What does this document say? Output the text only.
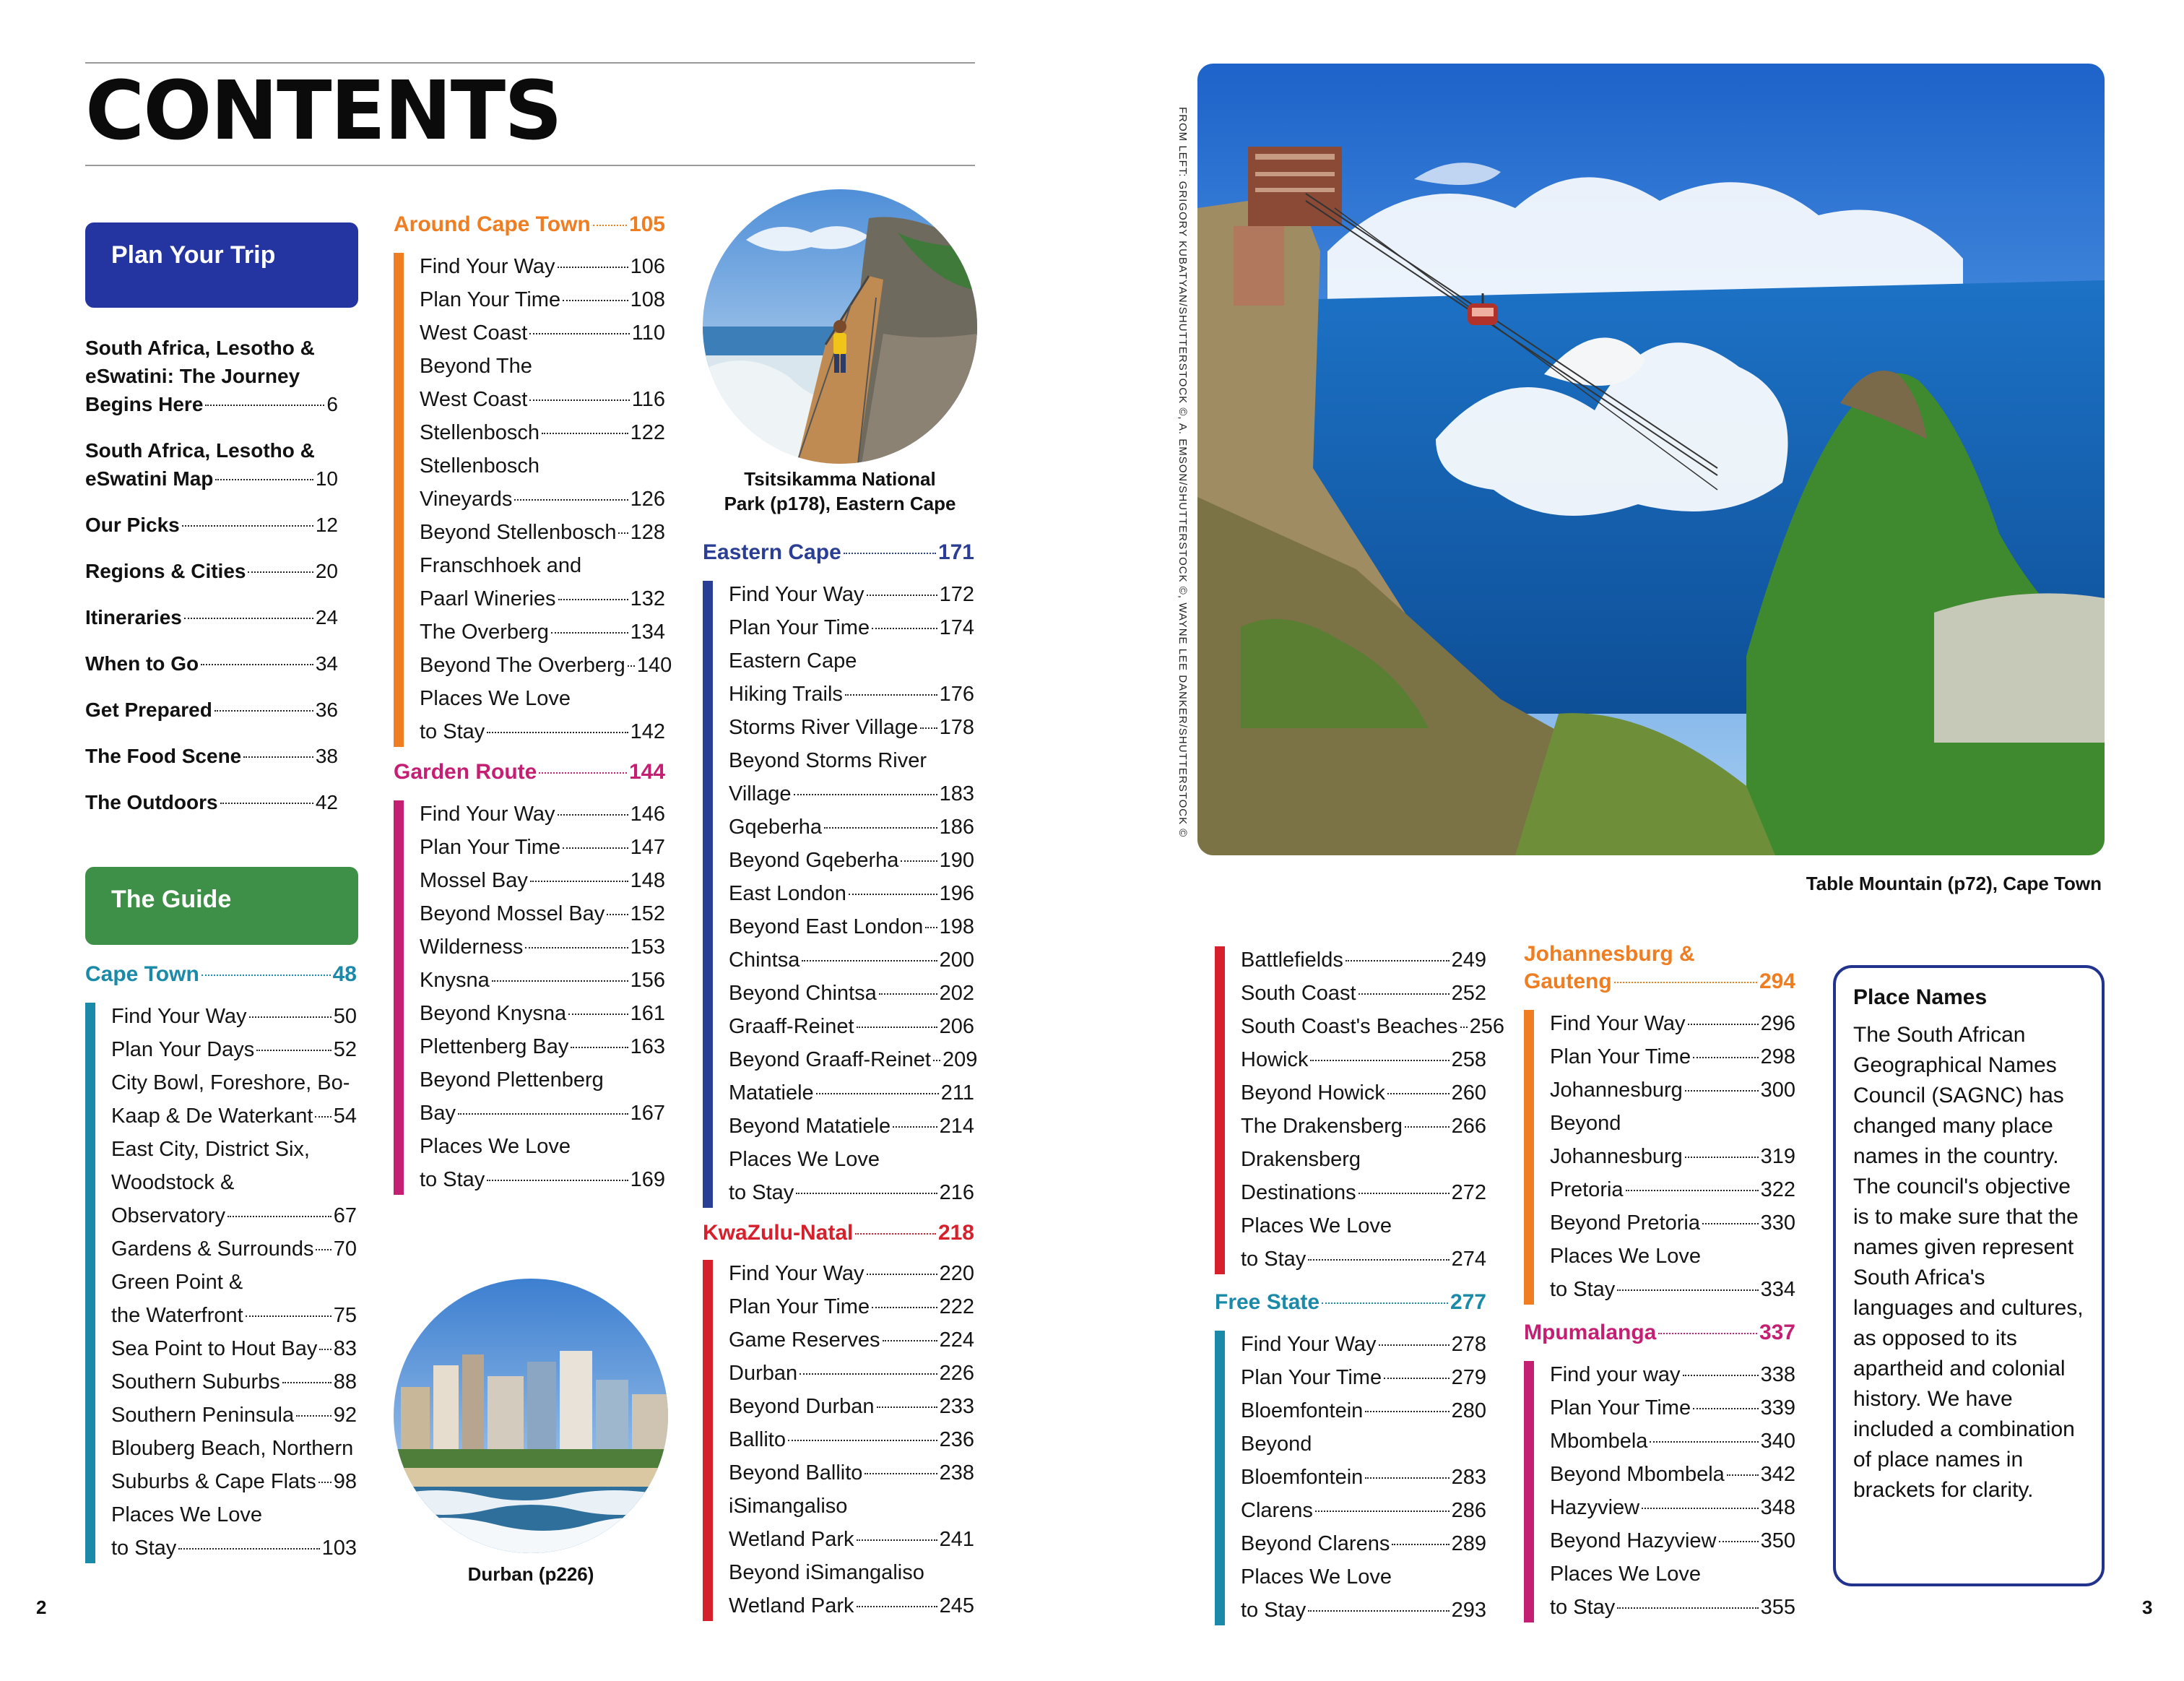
CONTENTS
Plan Your Trip
South Africa, Lesotho &
eSwatini: The Journey
Begins Here	6
South Africa, Lesotho &
eSwatini Map	10
Our Picks	12
Regions & Cities	20
Itineraries	24
When to Go	34
Get Prepared	36
The Food Scene	38
The Outdoors	42
The Guide
Cape Town	48
Find Your Way	50
Plan Your Days	52
City Bowl, Foreshore, Bo-
Kaap & De Waterkant 54
East City, District Six,
Woodstock &
Observatory	67
Gardens & Surrounds 70
Green Point &
the Waterfront	75
Sea Point to Hout Bay 83
Southern Suburbs	88
Southern Peninsula 92
Blouberg Beach, Northern
Suburbs & Cape Flats 98
Places We Love
to Stay	103
Around Cape Town 105
Find Your Way	106
Plan Your Time	108
West Coast	110
Beyond The
West Coast	116
Stellenbosch	122
Stellenbosch
Vineyards	126
Beyond Stellenbosch 128
Franschhoek and
Paarl Wineries	132
The Overberg	134
Beyond The Overberg 140
Places We Love
to Stay	142
Garden Route	144
Find Your Way	146
Plan Your Time	147
Mossel Bay	148
Beyond Mossel Bay 152
Wilderness	153
Knysna	156
Beyond Knysna	161
Plettenberg Bay	163
Beyond Plettenberg
Bay	167
Places We Love
to Stay	169
Eastern Cape	171
Find Your Way	172
Plan Your Time	174
Eastern Cape
Hiking Trails	176
Storms River Village 178
Beyond Storms River
Village	183
Gqeberha	186
Beyond Gqeberha 190
East London	196
Beyond East London 198
Chintsa	200
Beyond Chintsa	202
Graaff-Reinet	206
Beyond Graaff-Reinet 209
Matatiele	211
Beyond Matatiele 214
Places We Love
to Stay	216
KwaZulu-Natal	218
Find Your Way	220
Plan Your Time	222
Game Reserves	224
Durban	226
Beyond Durban	233
Ballito	236
Beyond Ballito	238
iSimangaliso
Wetland Park	241
Beyond iSimangaliso
Wetland Park	245
Tsitsikamma National
Park (p178), Eastern Cape
Durban (p226)
2
FROM LEFT: GRIGORY KUBATYAN/SHUTTERSTOCK ©, A. EMSON/SHUTTERSTOCK ©, WAYNE LEE DANKER/SHUTTERSTOCK ©
Table Mountain (p72), Cape Town
Battlefields	249
South Coast	252
South Coast's Beaches 256
Howick	258
Beyond Howick	260
The Drakensberg 266
Drakensberg
Destinations	272
Places We Love
to Stay	274
Free State	277
Find Your Way	278
Plan Your Time	279
Bloemfontein	280
Beyond
Bloemfontein	283
Clarens	286
Beyond Clarens	289
Places We Love
to Stay	293
Johannesburg &
Gauteng	294
Find Your Way	296
Plan Your Time	298
Johannesburg	300
Beyond
Johannesburg	319
Pretoria	322
Beyond Pretoria	330
Places We Love
to Stay	334
Mpumalanga	337
Find your way	338
Plan Your Time	339
Mbombela	340
Beyond Mbombela 342
Hazyview	348
Beyond Hazyview 350
Places We Love
to Stay	355
Place Names
The South African Geographical Names Council (SAGNC) has changed many place names in the country. The council's objective is to make sure that the names given represent South Africa's languages and cultures, as opposed to its apartheid and colonial history. We have included a combination of place names in brackets for clarity.
3
